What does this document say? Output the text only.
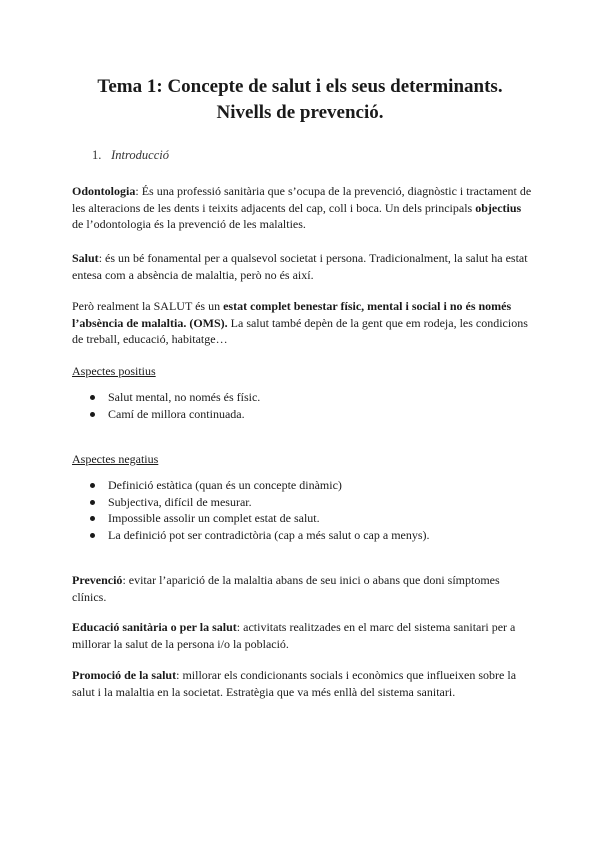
Tema 1: Concepte de salut i els seus determinants.
Nivells de prevenció.
1. Introducció

Odontologia: És una professió sanitària que s’ocupa de la prevenció, diagnòstic i tractament de les alteracions de les dents i teixits adjacents del cap, coll i boca. Un dels principals objectius de l’odontologia és la prevenció de les malalties.

Salut: és un bé fonamental per a qualsevol societat i persona. Tradicionalment, la salut ha estat entesa com a absència de malaltia, però no és així.

Però realment la SALUT és un estat complet benestar físic, mental i social i no és només l’absència de malaltia. (OMS). La salut també depèn de la gent que em rodeja, les condicions de treball, educació, habitatge…

Aspectes positius
Salut mental, no només és físic.
Camí de millora continuada.
Aspectes negatius
Definició estàtica (quan és un concepte dinàmic)
Subjectiva, difícil de mesurar.
Impossible assolir un complet estat de salut.
La definició pot ser contradictòria (cap a més salut o cap a menys).

Prevenció: evitar l’aparició de la malaltia abans de seu inici o abans que doni símptomes clínics.

Educació sanitària o per la salut: activitats realitzades en el marc del sistema sanitari per a millorar la salut de la persona i/o la població.

Promoció de la salut: millorar els condicionants socials i econòmics que influeixen sobre la salut i la malaltia en la societat. Estratègia que va més enllà del sistema sanitari.
